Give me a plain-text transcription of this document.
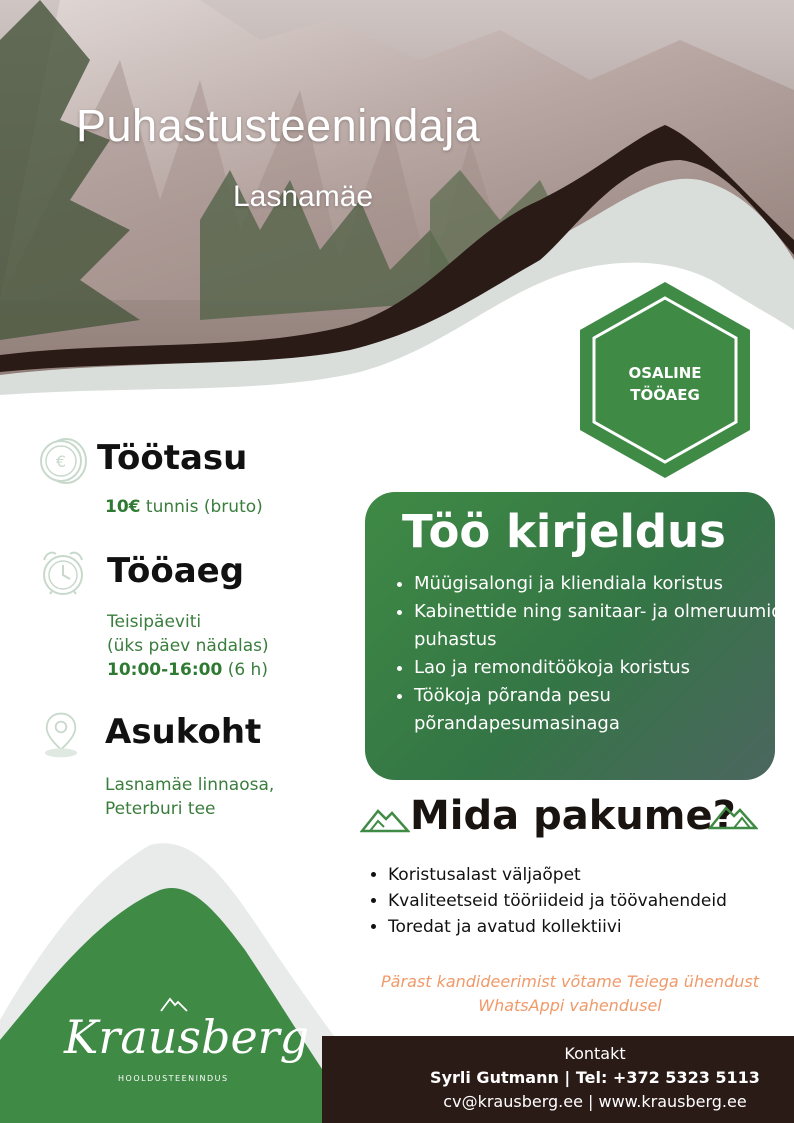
Puhastusteenindaja
Lasnamäe
OSALINE
TÖÖAEG
€ Töötasu
10€ tunnis (bruto)
Tööaeg
Teisipäeviti
(üks päev nädalas)
10:00-16:00 (6 h)
Asukoht
Lasnamäe linnaosa,
Peterburi tee
Töö kirjeldus
• Müügisalongi ja kliendiala koristus
• Kabinettide ning sanitaar- ja olmeruumide puhastus
• Lao ja remonditöökoja koristus
• Töökoja põranda pesu põrandapesumasinaga
Mida pakume?
• Koristusalast väljaõpet
• Kvaliteetseid tööriideid ja töövahendeid
• Toredat ja avatud kollektiivi
Pärast kandideerimist võtame Teiega ühendust
WhatsAppi vahendusel
Krausberg
HOOLDUSTEENINDUS
Kontakt
Syrli Gutmann | Tel: +372 5323 5113
cv@krausberg.ee | www.krausberg.ee
